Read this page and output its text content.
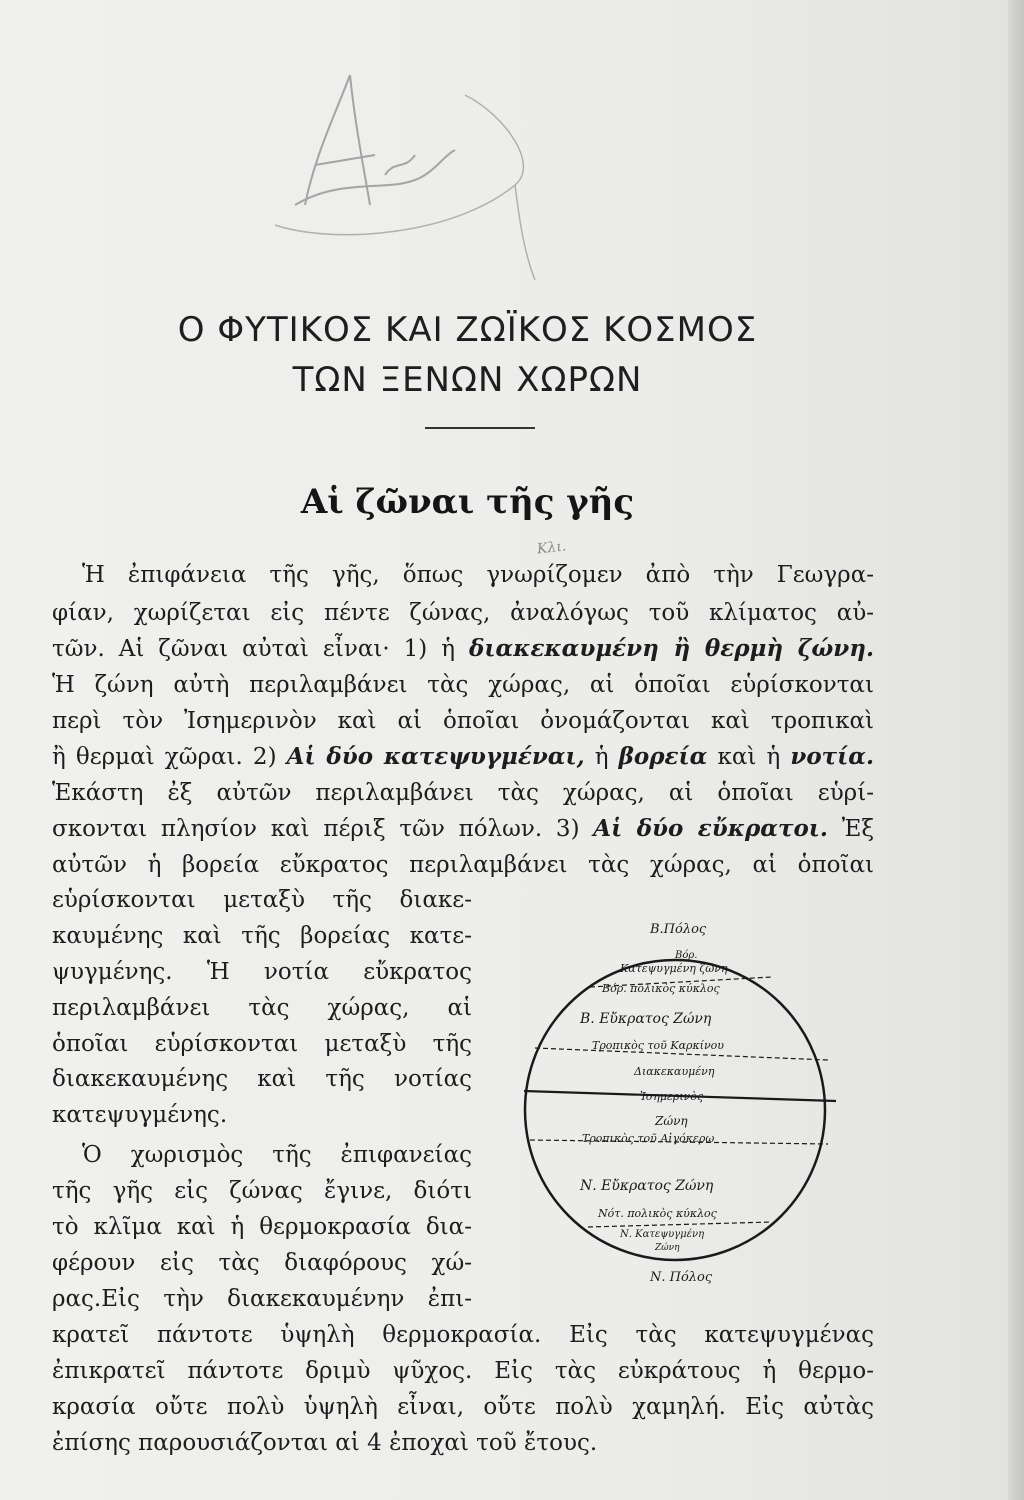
Ο ΦΥΤΙΚΟΣ ΚΑΙ ΖΩΪΚΟΣ ΚΟΣΜΟΣ
ΤΩΝ ΞΕΝΩΝ ΧΩΡΩΝ
Αἱ ζῶναι τῆς γῆς
Κλι.
Ἡ ἐπιφάνεια τῆς γῆς, ὅπως γνωρίζομεν ἀπὸ τὴν Γεωγρα-
φίαν, χωρίζεται εἰς πέντε ζώνας, ἀναλόγως τοῦ κλίματος αὐ-
τῶν. Αἱ ζῶναι αὐταὶ εἶναι· 1) ἡ διακεκαυμένη ἢ θερμὴ ζώνη.
Ἡ ζώνη αὐτὴ περιλαμβάνει τὰς χώρας, αἱ ὁποῖαι εὑρίσκονται
περὶ τὸν Ἰσημερινὸν καὶ αἱ ὁποῖαι ὀνομάζονται καὶ τροπικαὶ
ἢ θερμαὶ χῶραι. 2) Αἱ δύο κατεψυγμέναι, ἡ βορεία καὶ ἡ νοτία.
Ἑκάστη ἐξ αὐτῶν περιλαμβάνει τὰς χώρας, αἱ ὁποῖαι εὑρί-
σκονται πλησίον καὶ πέριξ τῶν πόλων. 3) Αἱ δύο εὔκρατοι. Ἐξ
αὐτῶν ἡ βορεία εὔκρατος περιλαμβάνει τὰς χώρας, αἱ ὁποῖαι
εὑρίσκονται μεταξὺ τῆς διακε-
καυμένης καὶ τῆς βορείας κατε-
ψυγμένης. Ἡ νοτία εὔκρατος
περιλαμβάνει τὰς χώρας, αἱ
ὁποῖαι εὑρίσκονται μεταξὺ τῆς
διακεκαυμένης καὶ τῆς νοτίας
κατεψυγμένης.
Ὁ χωρισμὸς τῆς ἐπιφανείας
τῆς γῆς εἰς ζώνας ἔγινε, διότι
τὸ κλῖμα καὶ ἡ θερμοκρασία δια-
φέρουν εἰς τὰς διαφόρους χώ-
ρας.Εἰς τὴν διακεκαυμένην ἐπι-
κρατεῖ πάντοτε ὑψηλὴ θερμοκρασία. Εἰς τὰς κατεψυγμένας
ἐπικρατεῖ πάντοτε δριμὺ ψῦχος. Εἰς τὰς εὐκράτους ἡ θερμο-
κρασία οὔτε πολὺ ὑψηλὴ εἶναι, οὔτε πολὺ χαμηλή. Εἰς αὐτὰς
ἐπίσης παρουσιάζονται αἱ 4 ἐποχαὶ τοῦ ἔτους.
Β.Πόλος
Βόρ.
Κατεψυγμένη ζώνη
Βόρ. πολικὸς κύκλος
Β. Εὔκρατος Ζώνη
Τροπικὸς τοῦ Καρκίνου
Διακεκαυμένη
Ἰσημερινὸς
Ζώνη
Τροπικὸς τοῦ Αἰγόκερω
Ν. Εὔκρατος Ζώνη
Νότ. πολικὸς κύκλος
Ν. Κατεψυγμένη
Ζώνη
Ν. Πόλος
